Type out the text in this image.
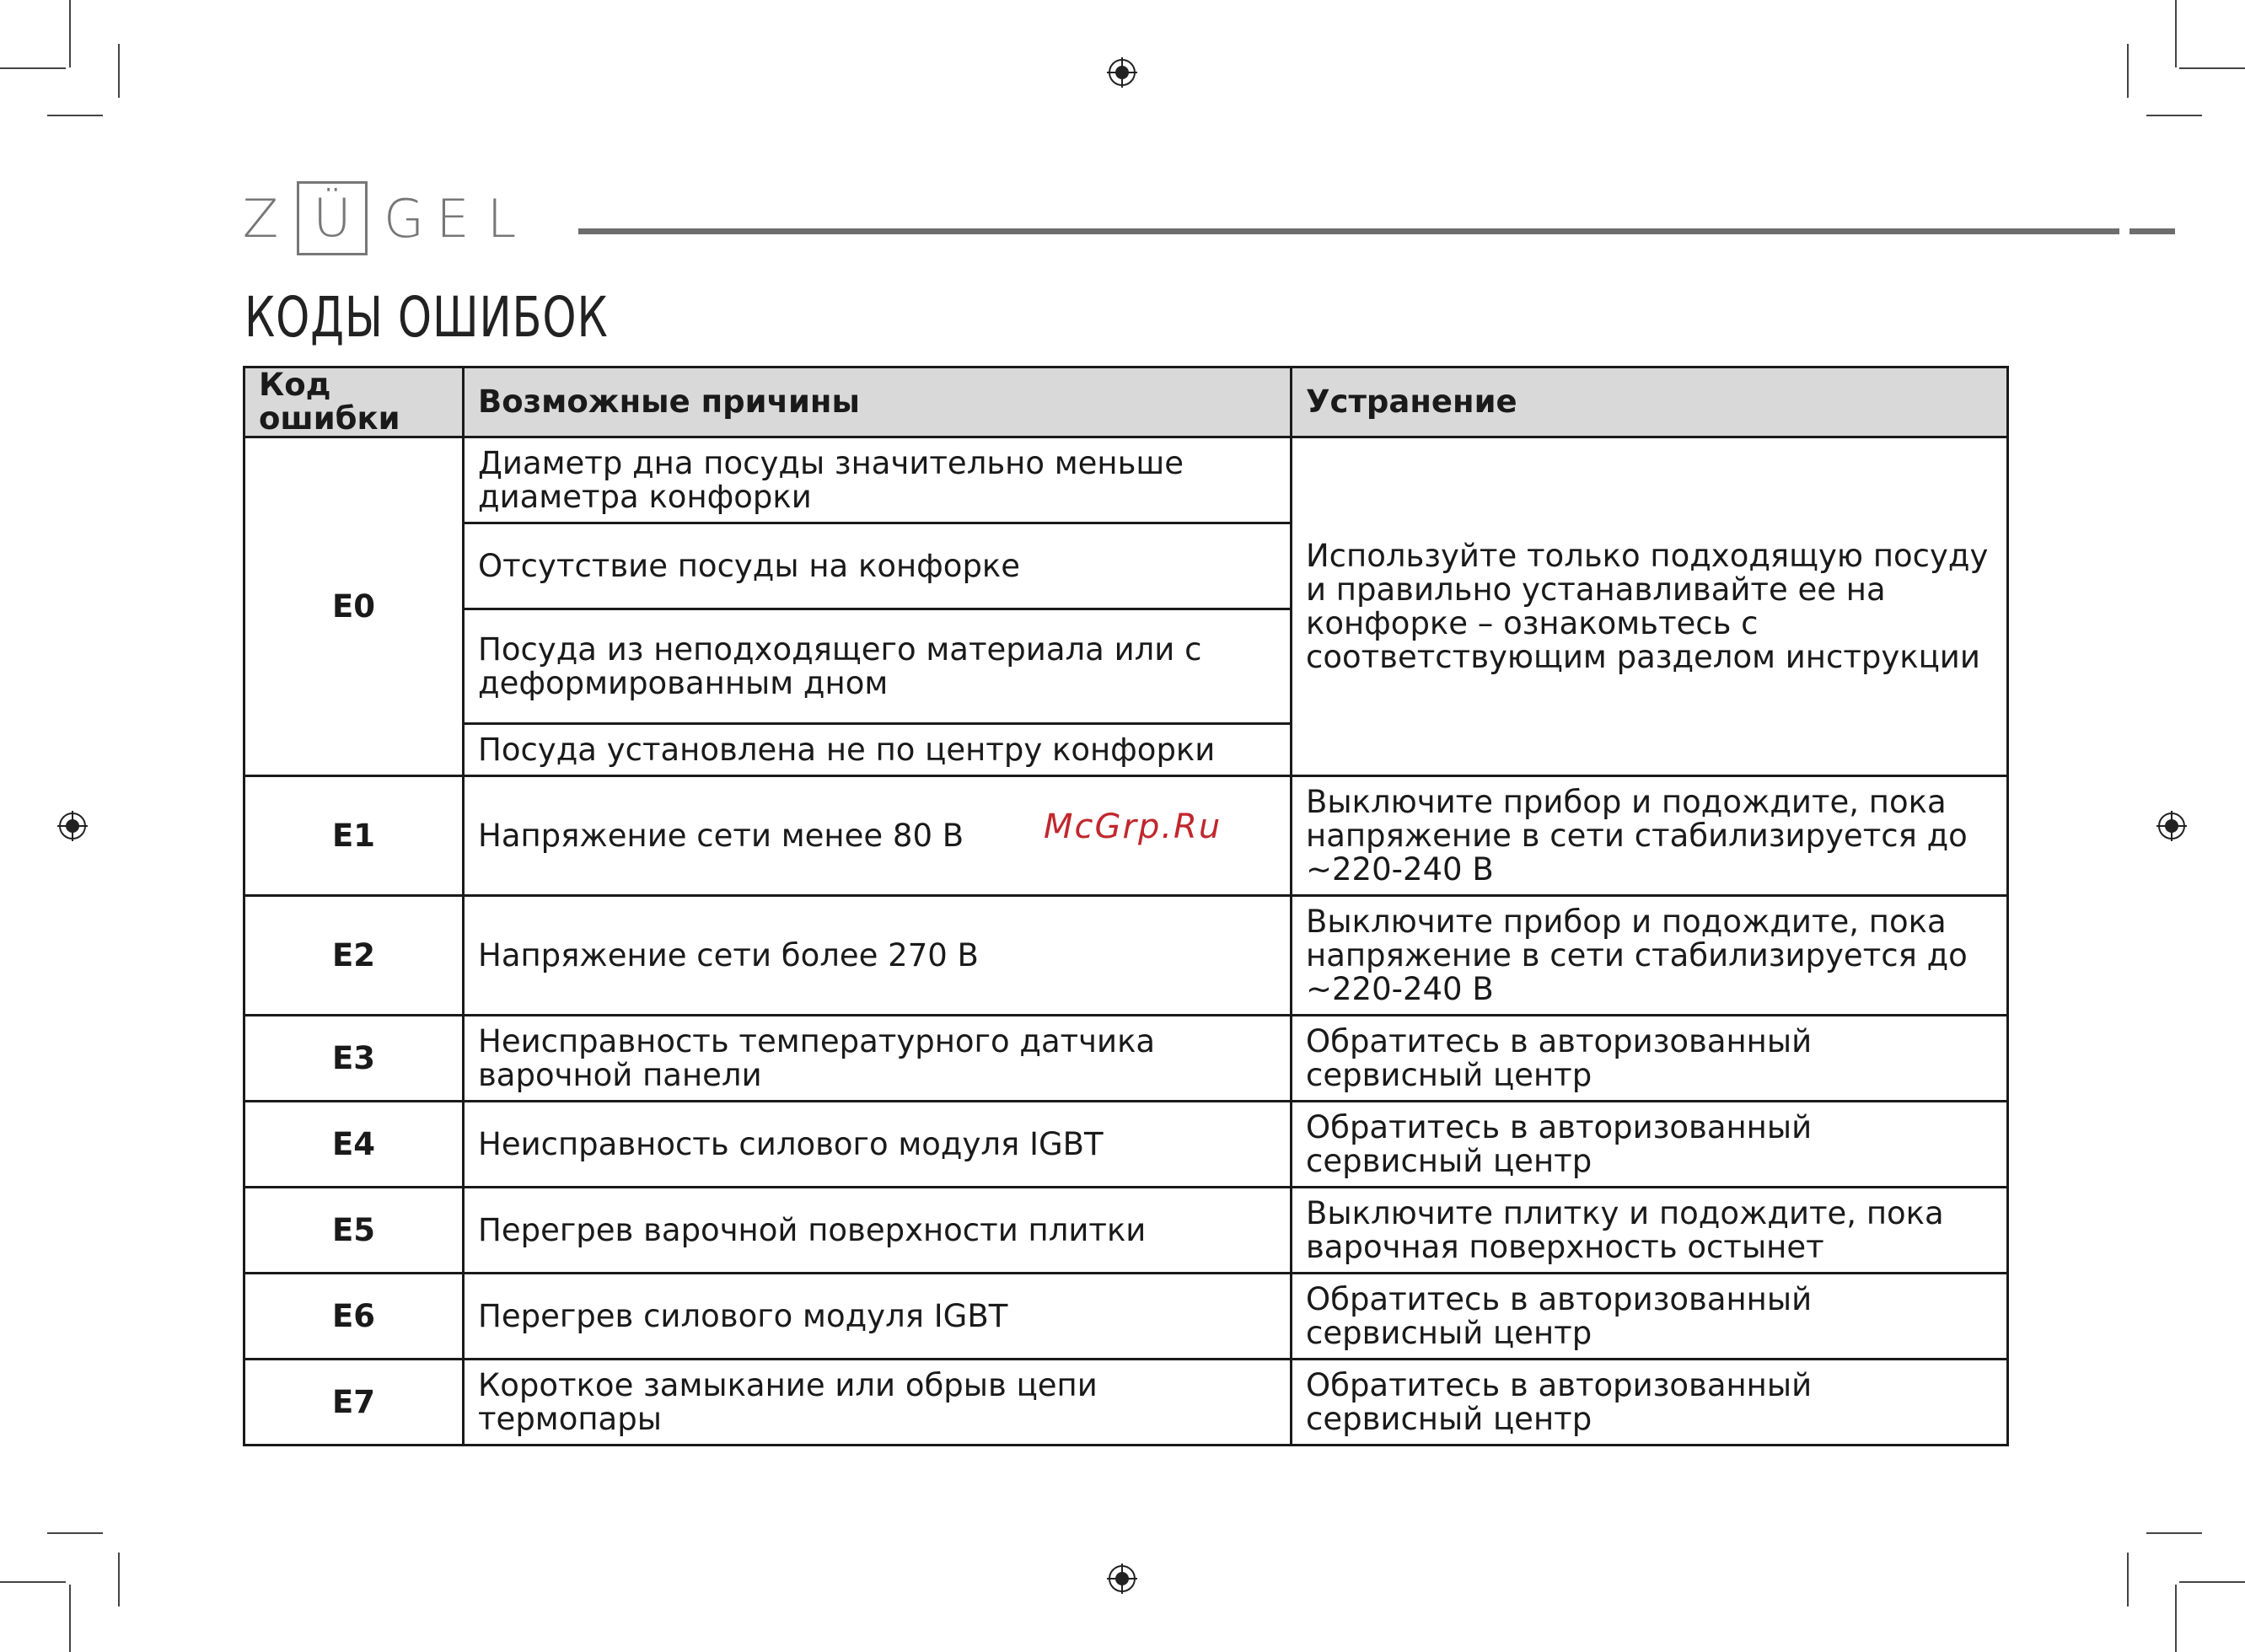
Z Ü G E L
КОДЫ ОШИБОК
Код ошибки	Возможные причины	Устранение
E0	Диаметр дна посуды значительно меньше диаметра конфорки	Используйте только подходящую посуду и правильно устанавливайте ее на конфорке – ознакомьтесь с соответствующим разделом инструкции
	Отсутствие посуды на конфорке	
	Посуда из неподходящего материала или с деформированным дном	
	Посуда установлена не по центру конфорки	
E1	Напряжение сети менее 80 В	Выключите прибор и подождите, пока напряжение в сети стабилизируется до ~220-240 В
E2	Напряжение сети более 270 В	Выключите прибор и подождите, пока напряжение в сети стабилизируется до ~220-240 В
E3	Неисправность температурного датчика варочной панели	Обратитесь в авторизованный сервисный центр
E4	Неисправность силового модуля IGBT	Обратитесь в авторизованный сервисный центр
E5	Перегрев варочной поверхности плитки	Выключите плитку и подождите, пока варочная поверхность остынет
E6	Перегрев силового модуля IGBT	Обратитесь в авторизованный сервисный центр
E7	Короткое замыкание или обрыв цепи термопары	Обратитесь в авторизованный сервисный центр
McGrp.Ru
